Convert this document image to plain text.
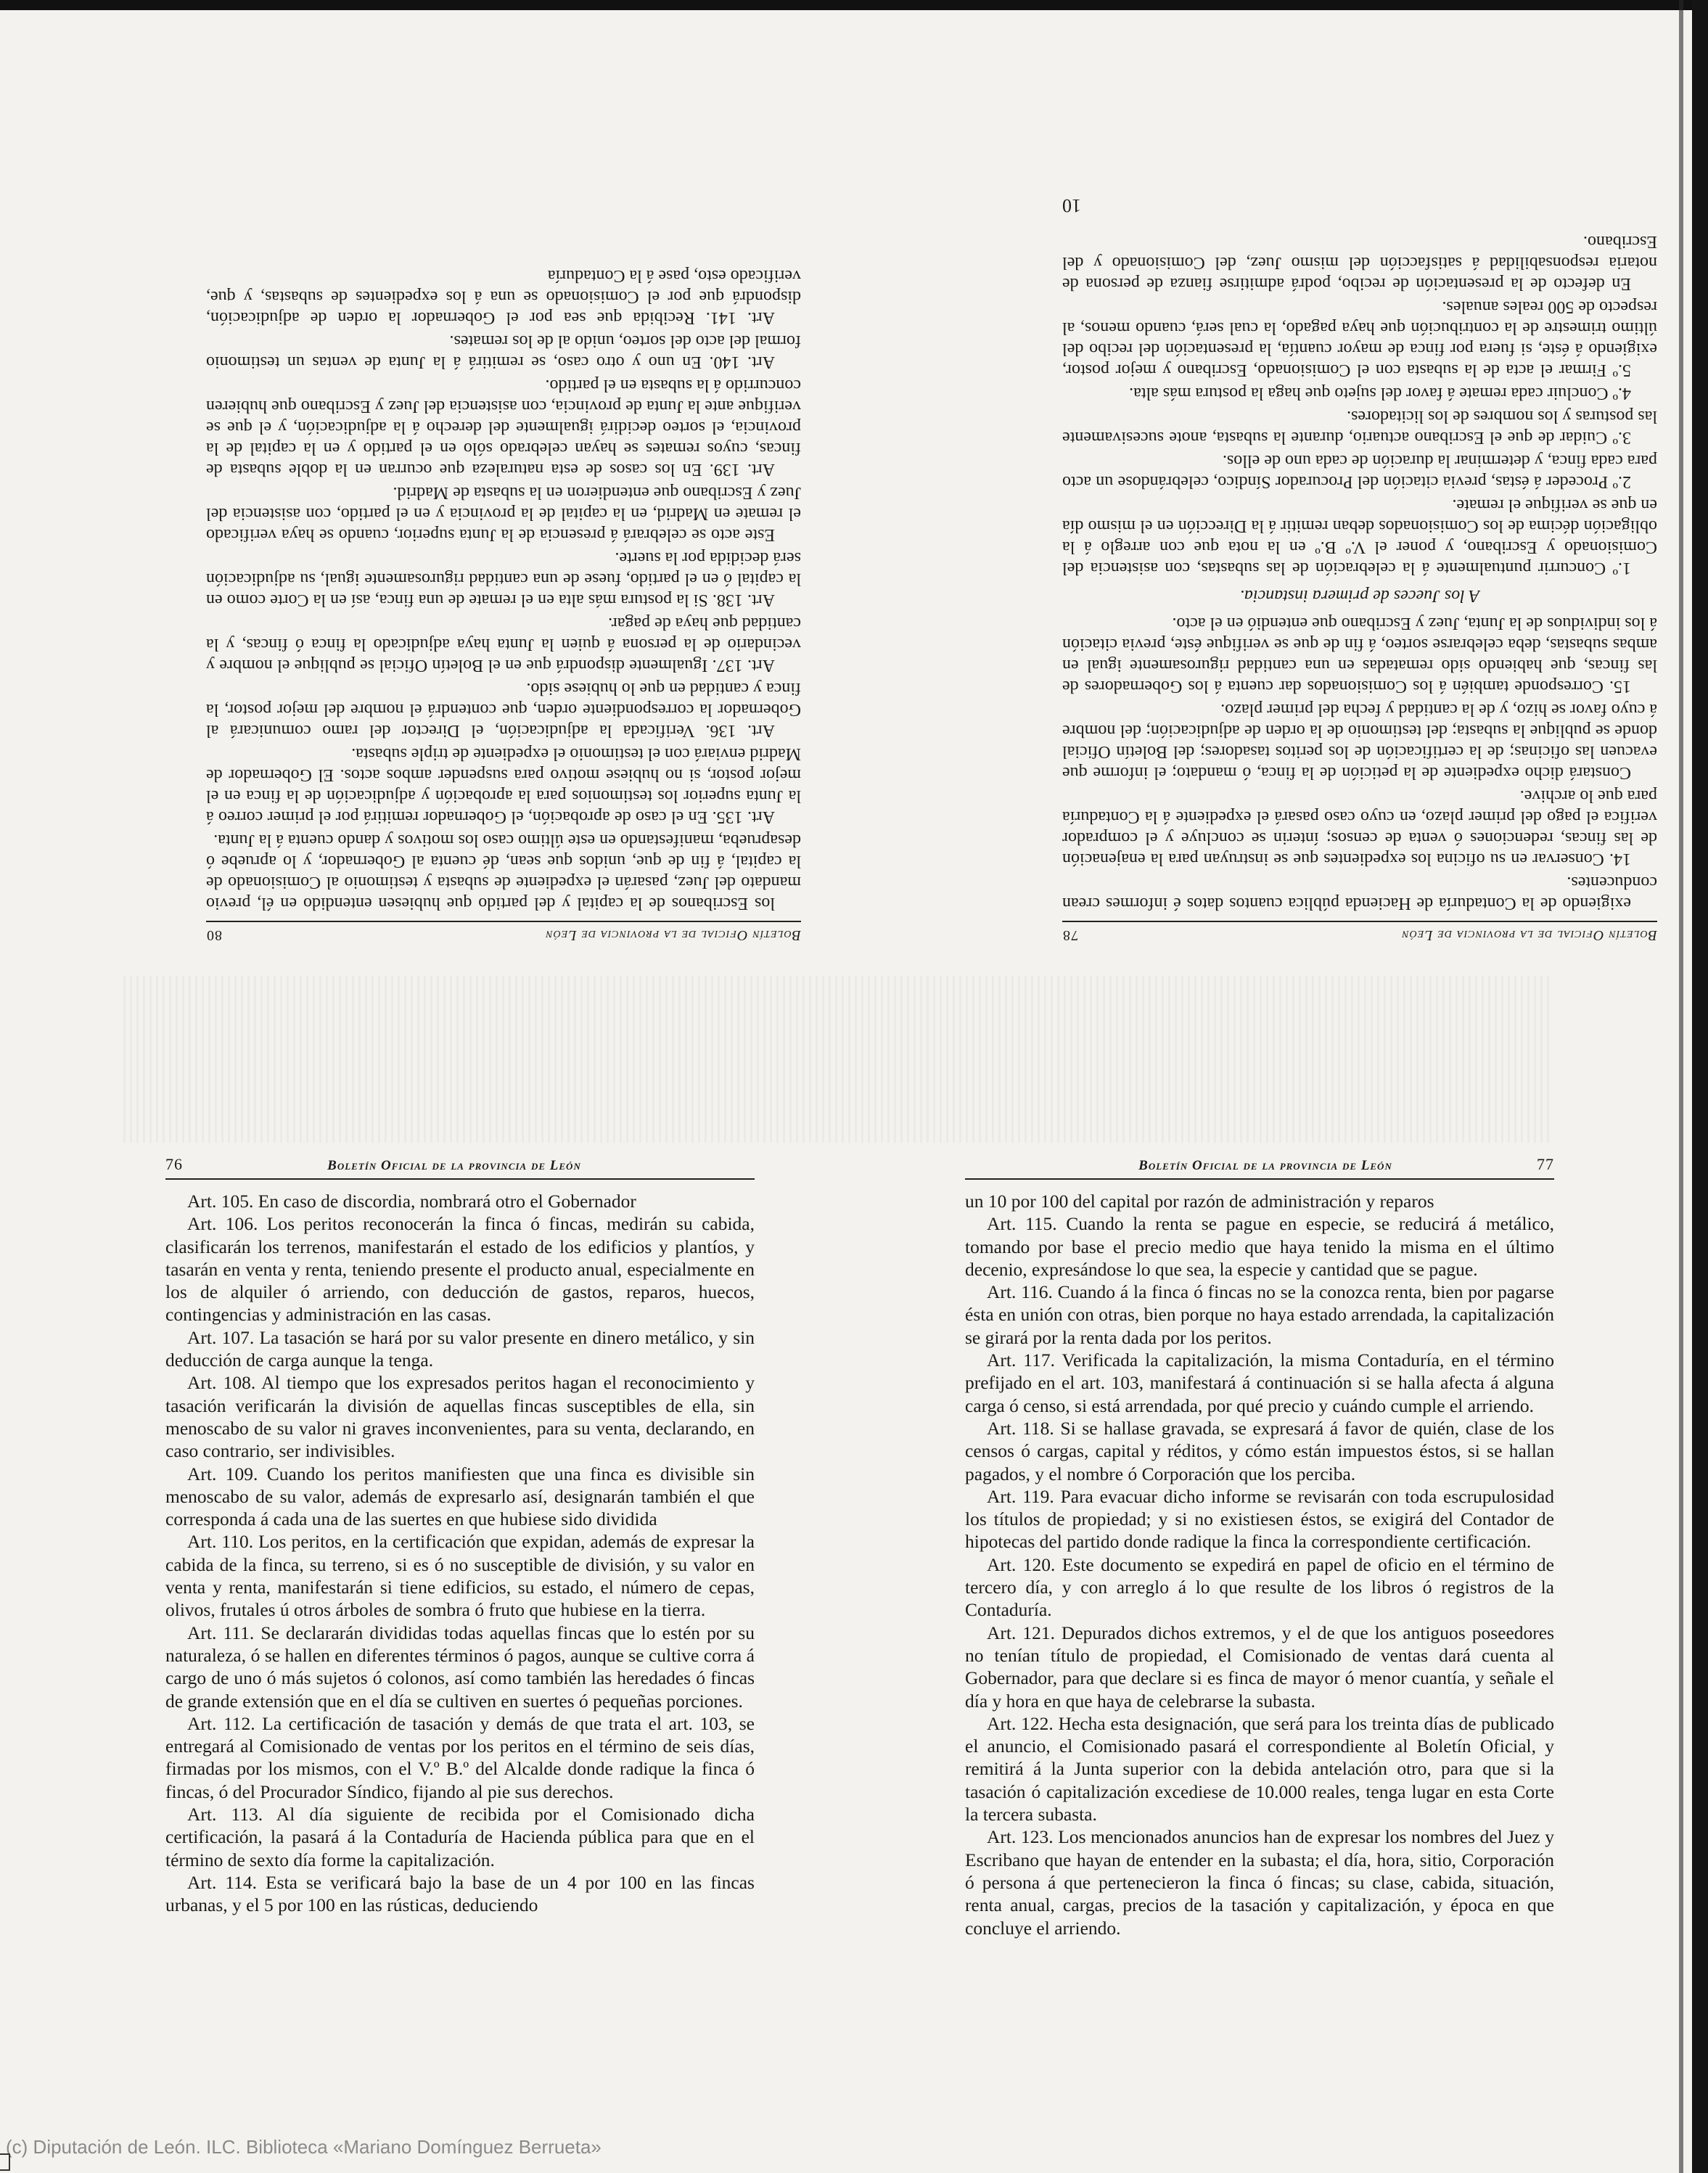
Boletín Oficial de la provincia de León
78

exigiendo de la Contaduría de Hacienda pública cuantos datos é informes crean conducentes.

14. Conservar en su oficina los expedientes que se instruyan para la enajenación de las fincas, redenciones ó venta de censos; ínterin se concluye y el comprador verifica el pago del primer plazo, en cuyo caso pasará el expediente á la Contaduría para que lo archive.

Constará dicho expediente de la petición de la finca, ó mandato; el informe que evacuen las oficinas; de la certificación de los peritos tasadores; del Boletín Oficial donde se publique la subasta; del testimonio de la orden de adjudicación; del nombre á cuyo favor se hizo, y de la cantidad y fecha del primer plazo.

15. Corresponde también á los Comisionados dar cuenta á los Gobernadores de las fincas, que habiendo sido rematadas en una cantidad rigurosamente igual en ambas subastas, deba celebrarse sorteo, á fin de que se verifique éste, previa citación á los individuos de la Junta, Juez y Escribano que entendió en el acto.

A los Jueces de primera instancia.

1.º Concurrir puntualmente á la celebración de las subastas, con asistencia del Comisionado y Escribano, y poner el V.º B.º en la nota que con arreglo á la obligación décima de los Comisionados deban remitir á la Dirección en el mismo día en que se verifique el remate.

2.º Proceder á éstas, previa citación del Procurador Síndico, celebrándose un acto para cada finca, y determinar la duración de cada uno de ellos.

3.º Cuidar de que el Escribano actuario, durante la subasta, anote sucesivamente las posturas y los nombres de los licitadores.

4.º Concluir cada remate á favor del sujeto que haga la postura más alta.

5.º Firmar el acta de la subasta con el Comisionado, Escribano y mejor postor, exigiendo á éste, si fuera por finca de mayor cuantía, la presentación del recibo del último trimestre de la contribución que haya pagado, la cual será, cuando menos, al respecto de 500 reales anuales.

En defecto de la presentación de recibo, podrá admitirse fianza de persona de notaria responsabilidad á satisfacción del mismo Juez, del Comisionado y del Escribano.

10
Boletín Oficial de la provincia de León
80

los Escribanos de la capital y del partido que hubiesen entendido en él, previo mandato del Juez, pasarán el expediente de subasta y testimonio al Comisionado de la capital, á fin de que, unidos que sean, dé cuenta al Gobernador, y lo apruebe ó desaprueba, manifestando en este último caso los motivos y dando cuenta á la Junta.

Art. 135. En el caso de aprobación, el Gobernador remitirá por el primer correo á la Junta superior los testimonios para la aprobación y adjudicación de la finca en el mejor postor, si no hubiese motivo para suspender ambos actos. El Gobernador de Madrid enviará con el testimonio el expediente de triple subasta.

Art. 136. Verificada la adjudicación, el Director del ramo comunicará al Gobernador la correspondiente orden, que contendrá el nombre del mejor postor, la finca y cantidad en que lo hubiese sido.

Art. 137. Igualmente dispondrá que en el Boletín Oficial se publique el nombre y vecindario de la persona á quien la Junta haya adjudicado la finca ó fincas, y la cantidad que haya de pagar.

Art. 138. Si la postura más alta en el remate de una finca, así en la Corte como en la capital ó en el partido, fuese de una cantidad rigurosamente igual, su adjudicación será decidida por la suerte.

Este acto se celebrará á presencia de la Junta superior, cuando se haya verificado el remate en Madrid, en la capital de la provincia y en el partido, con asistencia del Juez y Escribano que entendieron en la subasta de Madrid.

Art. 139. En los casos de esta naturaleza que ocurran en la doble subasta de fincas, cuyos remates se hayan celebrado sólo en el partido y en la capital de la provincia, el sorteo decidirá igualmente del derecho á la adjudicación, y el que se verifique ante la Junta de provincia, con asistencia del Juez y Escribano que hubieren concurrido á la subasta en el partido.

Art. 140. En uno y otro caso, se remitirá á la Junta de ventas un testimonio formal del acto del sorteo, unido al de los remates.

Art. 141. Recibida que sea por el Gobernador la orden de adjudicación, dispondrá que por el Comisionado se una á los expedientes de subastas, y que, verificado esto, pase á la Contaduría

76	Boletín Oficial de la provincia de León

Art. 105. En caso de discordia, nombrará otro el Gobernador

Art. 106. Los peritos reconocerán la finca ó fincas, medirán su cabida, clasificarán los terrenos, manifestarán el estado de los edificios y plantíos, y tasarán en venta y renta, teniendo presente el producto anual, especialmente en los de alquiler ó arriendo, con deducción de gastos, reparos, huecos, contingencias y administración en las casas.

Art. 107. La tasación se hará por su valor presente en dinero metálico, y sin deducción de carga aunque la tenga.

Art. 108. Al tiempo que los expresados peritos hagan el reconocimiento y tasación verificarán la división de aquellas fincas susceptibles de ella, sin menoscabo de su valor ni graves inconvenientes, para su venta, declarando, en caso contrario, ser indivisibles.

Art. 109. Cuando los peritos manifiesten que una finca es divisible sin menoscabo de su valor, además de expresarlo así, designarán también el que corresponda á cada una de las suertes en que hubiese sido dividida

Art. 110. Los peritos, en la certificación que expidan, además de expresar la cabida de la finca, su terreno, si es ó no susceptible de división, y su valor en venta y renta, manifestarán si tiene edificios, su estado, el número de cepas, olivos, frutales ú otros árboles de sombra ó fruto que hubiese en la tierra.

Art. 111. Se declararán divididas todas aquellas fincas que lo estén por su naturaleza, ó se hallen en diferentes términos ó pagos, aunque se cultive corra á cargo de uno ó más sujetos ó colonos, así como también las heredades ó fincas de grande extensión que en el día se cultiven en suertes ó pequeñas porciones.

Art. 112. La certificación de tasación y demás de que trata el art. 103, se entregará al Comisionado de ventas por los peritos en el término de seis días, firmadas por los mismos, con el V.º B.º del Alcalde donde radique la finca ó fincas, ó del Procurador Síndico, fijando al pie sus derechos.

Art. 113. Al día siguiente de recibida por el Comisionado dicha certificación, la pasará á la Contaduría de Hacienda pública para que en el término de sexto día forme la capitalización.

Art. 114. Esta se verificará bajo la base de un 4 por 100 en las fincas urbanas, y el 5 por 100 en las rústicas, deduciendo

Boletín Oficial de la provincia de León	77

un 10 por 100 del capital por razón de administración y reparos

Art. 115. Cuando la renta se pague en especie, se reducirá á metálico, tomando por base el precio medio que haya tenido la misma en el último decenio, expresándose lo que sea, la especie y cantidad que se pague.

Art. 116. Cuando á la finca ó fincas no se la conozca renta, bien por pagarse ésta en unión con otras, bien porque no haya estado arrendada, la capitalización se girará por la renta dada por los peritos.

Art. 117. Verificada la capitalización, la misma Contaduría, en el término prefijado en el art. 103, manifestará á continuación si se halla afecta á alguna carga ó censo, si está arrendada, por qué precio y cuándo cumple el arriendo.

Art. 118. Si se hallase gravada, se expresará á favor de quién, clase de los censos ó cargas, capital y réditos, y cómo están impuestos éstos, si se hallan pagados, y el nombre ó Corporación que los perciba.

Art. 119. Para evacuar dicho informe se revisarán con toda escrupulosidad los títulos de propiedad; y si no existiesen éstos, se exigirá del Contador de hipotecas del partido donde radique la finca la correspondiente certificación.

Art. 120. Este documento se expedirá en papel de oficio en el término de tercero día, y con arreglo á lo que resulte de los libros ó registros de la Contaduría.

Art. 121. Depurados dichos extremos, y el de que los antiguos poseedores no tenían título de propiedad, el Comisionado de ventas dará cuenta al Gobernador, para que declare si es finca de mayor ó menor cuantía, y señale el día y hora en que haya de celebrarse la subasta.

Art. 122. Hecha esta designación, que será para los treinta días de publicado el anuncio, el Comisionado pasará el correspondiente al Boletín Oficial, y remitirá á la Junta superior con la debida antelación otro, para que si la tasación ó capitalización excediese de 10.000 reales, tenga lugar en esta Corte la tercera subasta.

Art. 123. Los mencionados anuncios han de expresar los nombres del Juez y Escribano que hayan de entender en la subasta; el día, hora, sitio, Corporación ó persona á que pertenecieron la finca ó fincas; su clase, cabida, situación, renta anual, cargas, precios de la tasación y capitalización, y época en que concluye el arriendo.

(c) Diputación de León. ILC. Biblioteca «Mariano Domínguez Berrueta»
